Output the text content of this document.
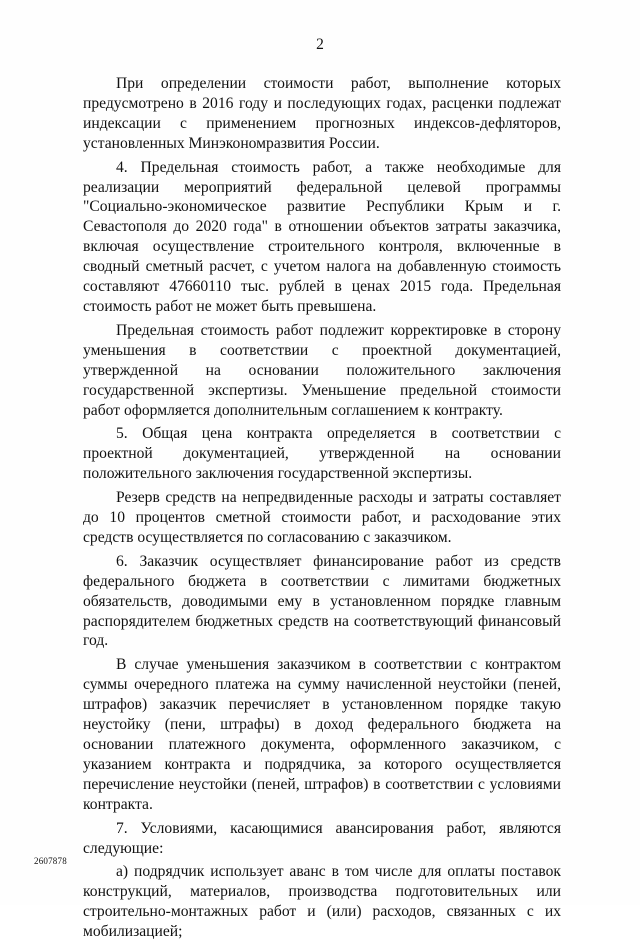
2

При определении стоимости работ, выполнение которых предусмотрено в 2016 году и последующих годах, расценки подлежат индексации с применением прогнозных индексов-дефляторов, установленных Минэкономразвития России.

4. Предельная стоимость работ, а также необходимые для реализации мероприятий федеральной целевой программы "Социально-экономическое развитие Республики Крым и г. Севастополя до 2020 года" в отношении объектов затраты заказчика, включая осуществление строительного контроля, включенные в сводный сметный расчет, с учетом налога на добавленную стоимость составляют 47660110 тыс. рублей в ценах 2015 года. Предельная стоимость работ не может быть превышена.

Предельная стоимость работ подлежит корректировке в сторону уменьшения в соответствии с проектной документацией, утвержденной на основании положительного заключения государственной экспертизы. Уменьшение предельной стоимости работ оформляется дополнительным соглашением к контракту.

5. Общая цена контракта определяется в соответствии с проектной документацией, утвержденной на основании положительного заключения государственной экспертизы.

Резерв средств на непредвиденные расходы и затраты составляет до 10 процентов сметной стоимости работ, и расходование этих средств осуществляется по согласованию с заказчиком.

6. Заказчик осуществляет финансирование работ из средств федерального бюджета в соответствии с лимитами бюджетных обязательств, доводимыми ему в установленном порядке главным распорядителем бюджетных средств на соответствующий финансовый год.

В случае уменьшения заказчиком в соответствии с контрактом суммы очередного платежа на сумму начисленной неустойки (пеней, штрафов) заказчик перечисляет в установленном порядке такую неустойку (пени, штрафы) в доход федерального бюджета на основании платежного документа, оформленного заказчиком, с указанием контракта и подрядчика, за которого осуществляется перечисление неустойки (пеней, штрафов) в соответствии с условиями контракта.

7. Условиями, касающимися авансирования работ, являются следующие:

а) подрядчик использует аванс в том числе для оплаты поставок конструкций, материалов, производства подготовительных или строительно-монтажных работ и (или) расходов, связанных с их мобилизацией;

2607878
